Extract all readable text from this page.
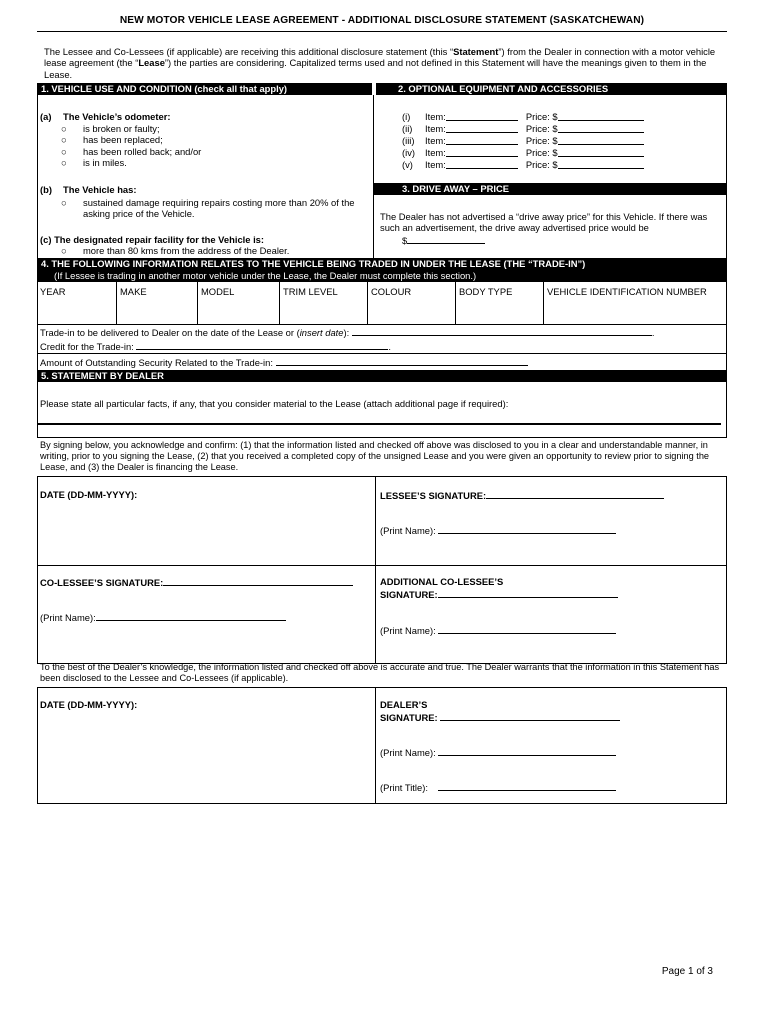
NEW MOTOR VEHICLE LEASE AGREEMENT - ADDITIONAL DISCLOSURE STATEMENT (SASKATCHEWAN)
The Lessee and Co-Lessees (if applicable) are receiving this additional disclosure statement (this “Statement”) from the Dealer in connection with a motor vehicle lease agreement (the “Lease”) the parties are considering. Capitalized terms used and not defined in this Statement will have the meanings given to them in the Lease.
1. VEHICLE USE AND CONDITION (check all that apply)	2. OPTIONAL EQUIPMENT AND ACCESSORIES
(a) The Vehicle’s odometer:
○ is broken or faulty;
○ has been replaced;
○ has been rolled back; and/or
○ is in miles.
(b) The Vehicle has:
○	sustained damage requiring repairs costing more than 20% of the asking price of the Vehicle.
(c) The designated repair facility for the Vehicle is:
○ more than 80 kms from the address of the Dealer.
(i)	Item:	Price: $
(ii)	Item:	Price: $
(iii)	Item:	Price: $
(iv)	Item:	Price: $
(v)	Item:	Price: $
3. DRIVE AWAY – PRICE
The Dealer has not advertised a “drive away price” for this Vehicle. If there was such an advertisement, the drive away advertised price would be
$
4. THE FOLLOWING INFORMATION RELATES TO THE VEHICLE BEING TRADED IN UNDER THE LEASE (THE “TRADE-IN”)
(If Lessee is trading in another motor vehicle under the Lease, the Dealer must complete this section.)
YEAR	MAKE	MODEL	TRIM LEVEL	COLOUR	BODY TYPE	VEHICLE IDENTIFICATION NUMBER
Trade-in to be delivered to Dealer on the date of the Lease or (insert date):	.
Credit for the Trade-in:	.
Amount of Outstanding Security Related to the Trade-in:
5. STATEMENT BY DEALER
Please state all particular facts, if any, that you consider material to the Lease (attach additional page if required):
By signing below, you acknowledge and confirm: (1) that the information listed and checked off above was disclosed to you in a clear and understandable manner, in writing, prior to you signing the Lease, (2) that you received a completed copy of the unsigned Lease and you were given an opportunity to review prior to signing the Lease, and (3) the Dealer is financing the Lease.
DATE (DD-MM-YYYY):	LESSEE’S SIGNATURE:
(Print Name):
CO-LESSEE’S SIGNATURE:
(Print Name):
ADDITIONAL CO-LESSEE’S
SIGNATURE:
(Print Name):
To the best of the Dealer’s knowledge, the information listed and checked off above is accurate and true. The Dealer warrants that the information in this Statement has been disclosed to the Lessee and Co-Lessees (if applicable).
DATE (DD-MM-YYYY):	DEALER’S
SIGNATURE:
(Print Name):
(Print Title):
Page 1 of 3
